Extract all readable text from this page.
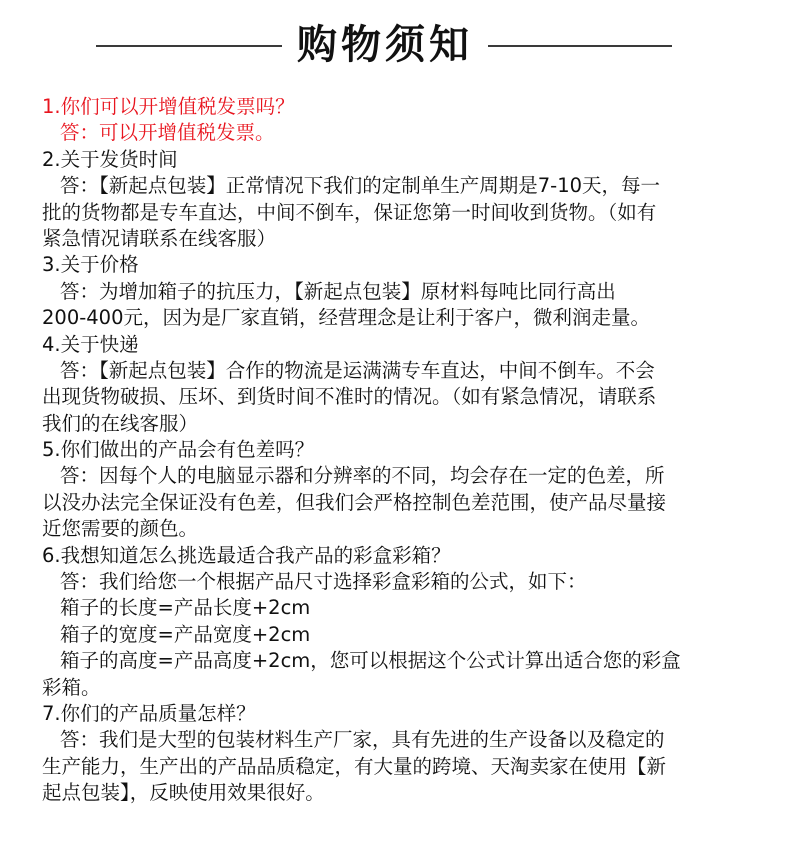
购物须知
1.你们可以开增值税发票吗？
答：可以开增值税发票。
2.关于发货时间
答：【新起点包装】正常情况下我们的定制单生产周期是7-10天，每一
批的货物都是专车直达，中间不倒车，保证您第一时间收到货物。（如有
紧急情况请联系在线客服）
3.关于价格
答：为增加箱子的抗压力，【新起点包装】原材料每吨比同行高出
200-400元，因为是厂家直销，经营理念是让利于客户，微利润走量。
4.关于快递
答：【新起点包装】合作的物流是运满满专车直达，中间不倒车。不会
出现货物破损、压坏、到货时间不准时的情况。（如有紧急情况，请联系
我们的在线客服）
5.你们做出的产品会有色差吗？
答：因每个人的电脑显示器和分辨率的不同，均会存在一定的色差，所
以没办法完全保证没有色差，但我们会严格控制色差范围，使产品尽量接
近您需要的颜色。
6.我想知道怎么挑选最适合我产品的彩盒彩箱？
答：我们给您一个根据产品尺寸选择彩盒彩箱的公式，如下：
箱子的长度=产品长度+2cm
箱子的宽度=产品宽度+2cm
箱子的高度=产品高度+2cm，您可以根据这个公式计算出适合您的彩盒
彩箱。
7.你们的产品质量怎样？
答：我们是大型的包装材料生产厂家，具有先进的生产设备以及稳定的
生产能力，生产出的产品品质稳定，有大量的跨境、天淘卖家在使用【新
起点包装】，反映使用效果很好。
